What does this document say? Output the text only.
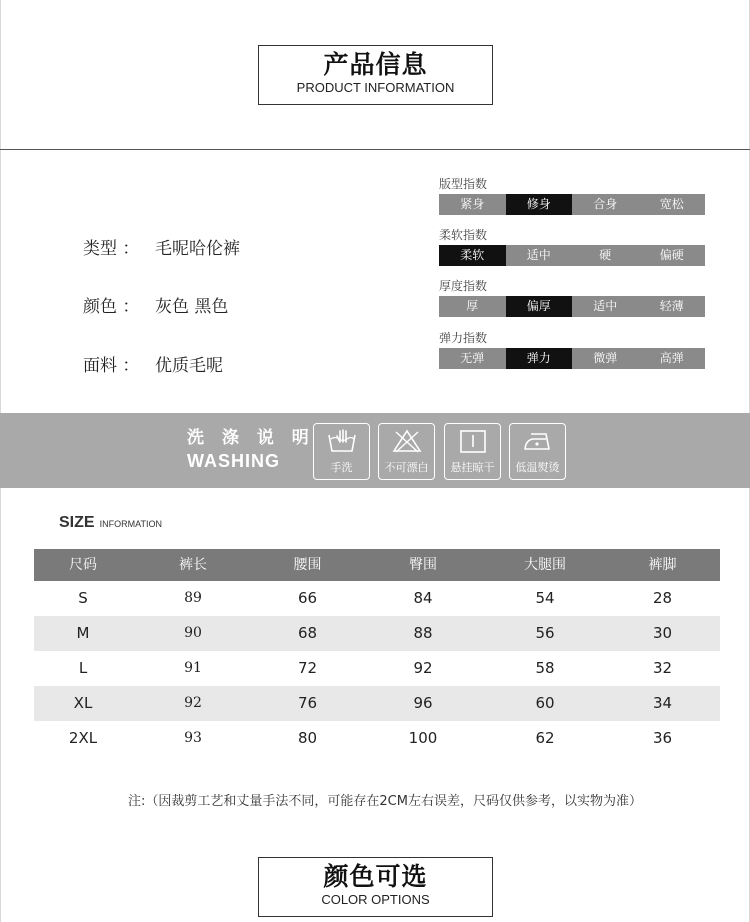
产品信息
PRODUCT INFORMATION
类型 ： 毛呢哈伦裤
颜色 ： 灰色 黑色
面料 ： 优质毛呢
版型指数
紧身	修身	合身	宽松
柔软指数
柔软	适中	硬	偏硬
厚度指数
厚	偏厚	适中	轻薄
弹力指数
无弹	弹力	微弹	高弹
洗 涤 说 明
WASHING	手洗	不可漂白	悬挂晾干	低温熨烫
SIZE INFORMATION
尺码	裤长	腰围	臀围	大腿围	裤脚
S	89	66	84	54	28
M	90	68	88	56	30
L	91	72	92	58	32
XL	92	76	96	60	34
2XL	93	80	100	62	36
注:（因裁剪工艺和丈量手法不同，可能存在2CM左右误差，尺码仅供参考，以实物为准）
颜色可选
COLOR OPTIONS
